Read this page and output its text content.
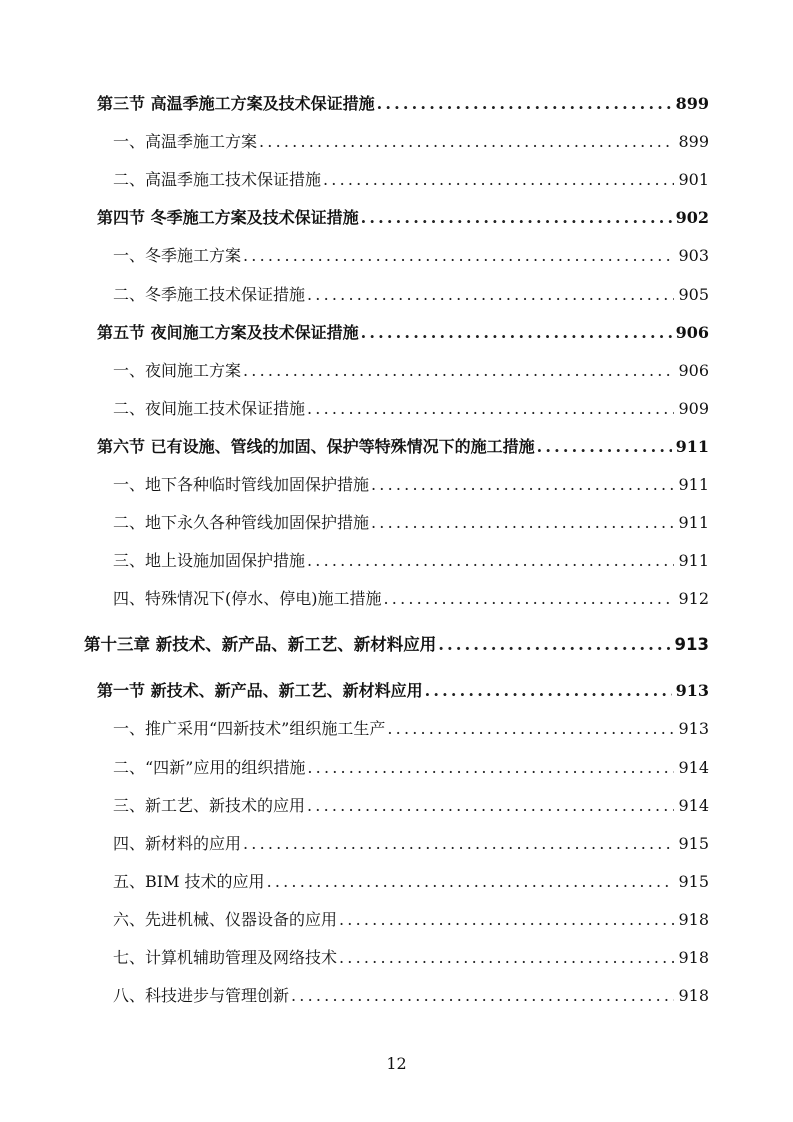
第三节 高温季施工方案及技术保证措施 .....	899
一、高温季施工方案 .....	899
二、高温季施工技术保证措施 .....	901
第四节 冬季施工方案及技术保证措施 .....	902
一、冬季施工方案 .....	903
二、冬季施工技术保证措施 .....	905
第五节 夜间施工方案及技术保证措施 .....	906
一、夜间施工方案 .....	906
二、夜间施工技术保证措施 .....	909
第六节 已有设施、管线的加固、保护等特殊情况下的施工措施 .....	911
一、地下各种临时管线加固保护措施 .....	911
二、地下永久各种管线加固保护措施 .....	911
三、地上设施加固保护措施 .....	911
四、特殊情况下(停水、停电)施工措施 .....	912
第十三章 新技术、新产品、新工艺、新材料应用 .....	913
第一节 新技术、新产品、新工艺、新材料应用 .....	913
一、推广采用“四新技术”组织施工生产 .....	913
二、“四新”应用的组织措施 .....	914
三、新工艺、新技术的应用 .....	914
四、新材料的应用 .....	915
五、BIM 技术的应用 .....	915
六、先进机械、仪器设备的应用 .....	918
七、计算机辅助管理及网络技术 .....	918
八、科技进步与管理创新 .....	918
12
